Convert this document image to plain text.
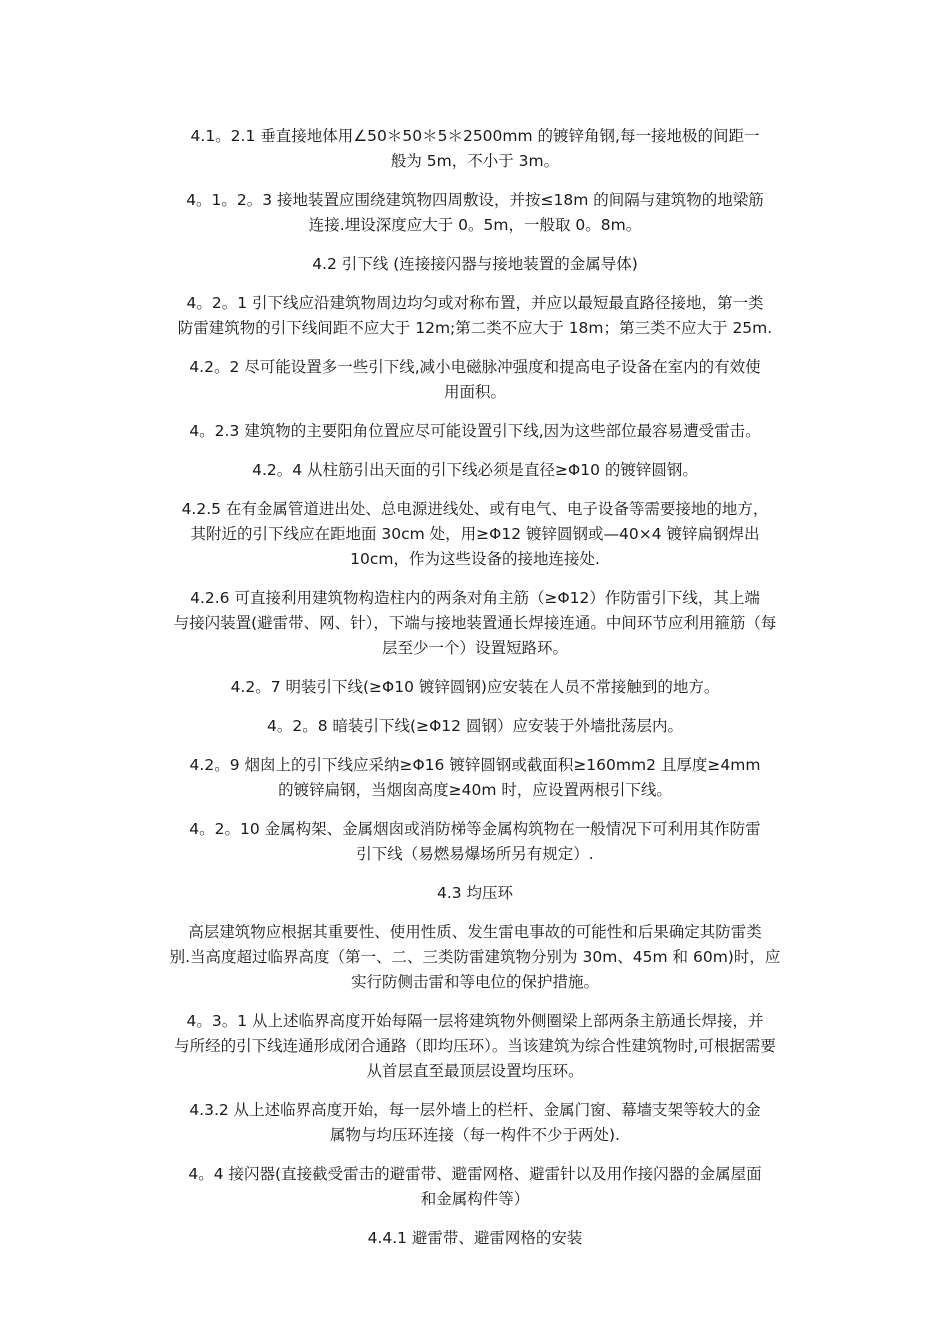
4.1。2.1 垂直接地体用∠50＊50＊5＊2500mm 的镀锌角钢,每一接地极的间距一
般为 5m，不小于 3m。

4。1。2。3 接地装置应围绕建筑物四周敷设，并按≤18m 的间隔与建筑物的地梁筋
连接.埋设深度应大于 0。5m，一般取 0。8m。

4.2 引下线 (连接接闪器与接地装置的金属导体)

4。2。1 引下线应沿建筑物周边均匀或对称布置，并应以最短最直路径接地，第一类
防雷建筑物的引下线间距不应大于 12m;第二类不应大于 18m；第三类不应大于 25m.

4.2。2 尽可能设置多一些引下线,减小电磁脉冲强度和提高电子设备在室内的有效使
用面积。

4。2.3 建筑物的主要阳角位置应尽可能设置引下线,因为这些部位最容易遭受雷击。

4.2。4 从柱筋引出天面的引下线必须是直径≥Φ10 的镀锌圆钢。

4.2.5 在有金属管道进出处、总电源进线处、或有电气、电子设备等需要接地的地方，
其附近的引下线应在距地面 30cm 处，用≥Φ12 镀锌圆钢或—40×4 镀锌扁钢焊出
10cm，作为这些设备的接地连接处.

4.2.6 可直接利用建筑物构造柱内的两条对角主筋（≥Φ12）作防雷引下线，其上端
与接闪装置(避雷带、网、针），下端与接地装置通长焊接连通。中间环节应利用箍筋（每
层至少一个）设置短路环。

4.2。7 明装引下线(≥Φ10 镀锌圆钢)应安装在人员不常接触到的地方。

4。2。8 暗装引下线(≥Φ12 圆钢）应安装于外墙批荡层内。

4.2。9 烟囱上的引下线应采纳≥Φ16 镀锌圆钢或截面积≥160mm2 且厚度≥4mm
的镀锌扁钢，当烟囱高度≥40m 时，应设置两根引下线。

4。2。10 金属构架、金属烟囱或消防梯等金属构筑物在一般情况下可利用其作防雷
引下线（易燃易爆场所另有规定）.

4.3 均压环

高层建筑物应根据其重要性、使用性质、发生雷电事故的可能性和后果确定其防雷类
别.当高度超过临界高度（第一、二、三类防雷建筑物分别为 30m、45m 和 60m)时，应
实行防侧击雷和等电位的保护措施。

4。3。1 从上述临界高度开始每隔一层将建筑物外侧圈梁上部两条主筋通长焊接，并
与所经的引下线连通形成闭合通路（即均压环）。当该建筑为综合性建筑物时,可根据需要
从首层直至最顶层设置均压环。

4.3.2 从上述临界高度开始，每一层外墙上的栏杆、金属门窗、幕墙支架等较大的金
属物与均压环连接（每一构件不少于两处).

4。4 接闪器(直接截受雷击的避雷带、避雷网格、避雷针以及用作接闪器的金属屋面
和金属构件等）

4.4.1 避雷带、避雷网格的安装
